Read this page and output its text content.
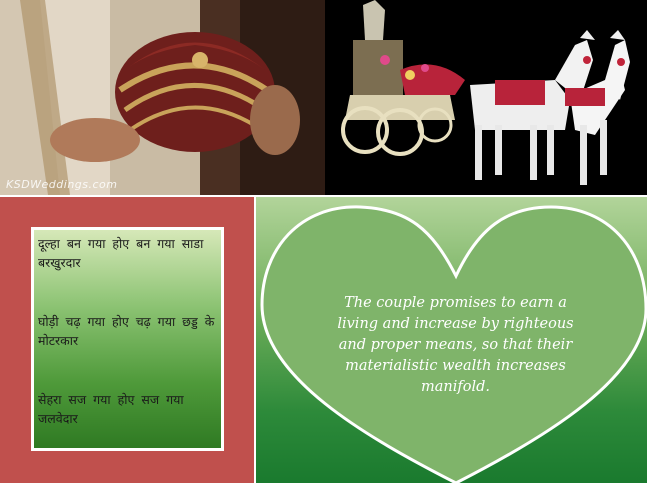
KSDWeddings.com

दूल्हा बन गया होए बन गया साडा बरखुरदार

घोड़ी चढ़ गया होए चढ़ गया छड्ड के मोटरकार

सेहरा सज गया होए सज गया जलवेदार

The couple promises to earn a living and increase by righteous and proper means, so that their materialistic wealth increases manifold.
